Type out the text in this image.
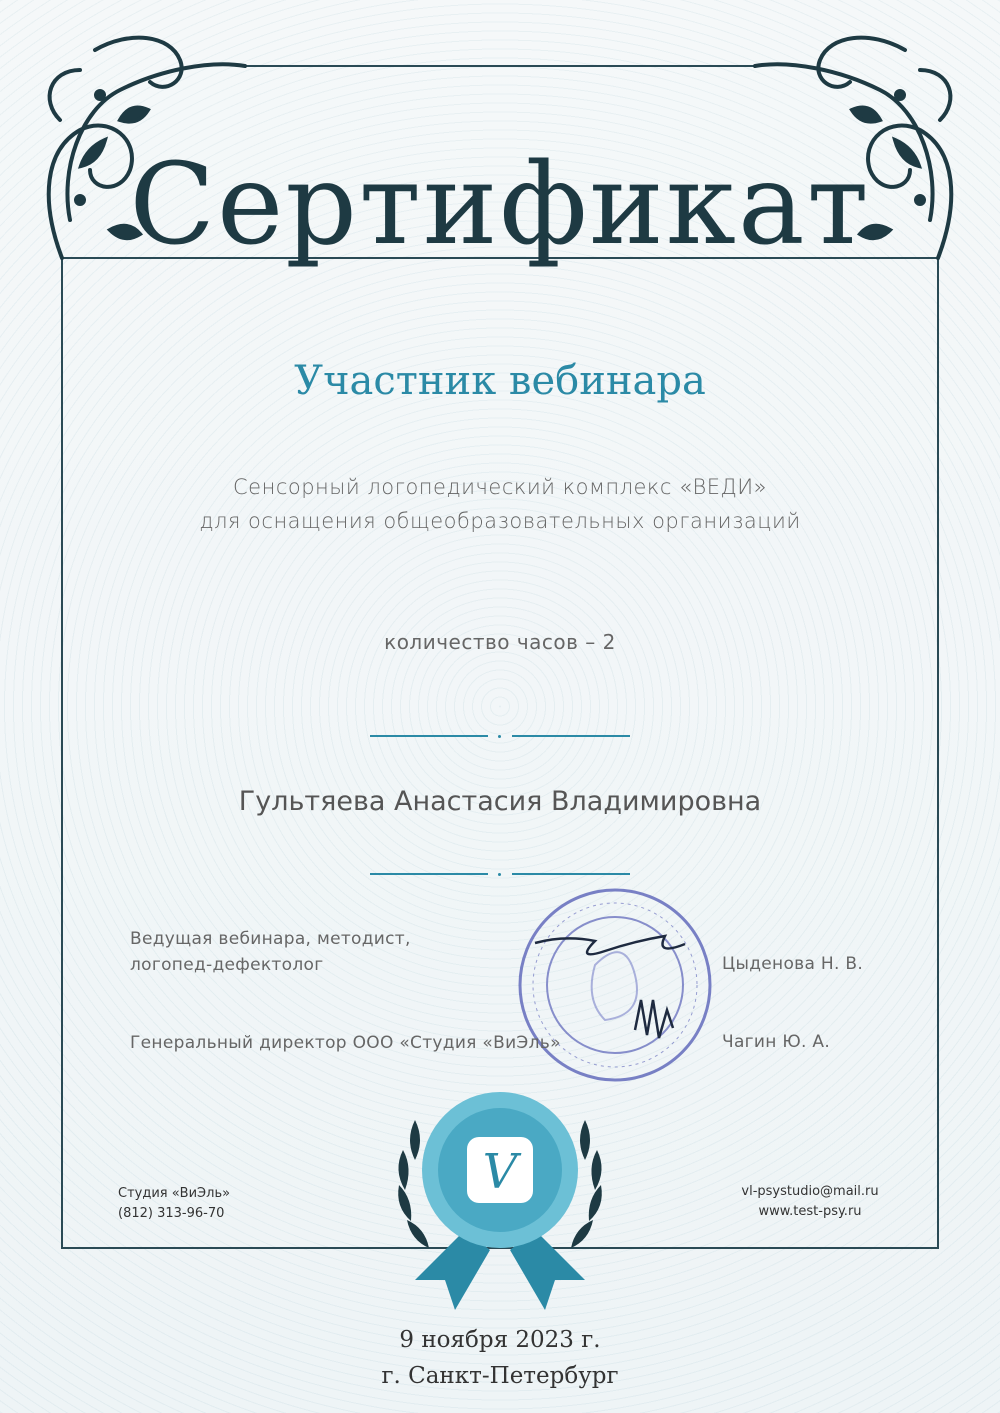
Сертификат
Участник вебинара
Сенсорный логопедический комплекс «ВЕДИ»
для оснащения общеобразовательных организаций
количество часов – 2
Гультяева Анастасия Владимировна
Ведущая вебинара, методист,
логопед-дефектолог	Цыденова Н. В.
Генеральный директор ООО «Студия «ВиЭль»	Чагин Ю. А.
V
Студия «ВиЭль»
(812) 313-96-70
vl-psystudio@mail.ru
www.test-psy.ru
9 ноября 2023 г.
г. Санкт-Петербург
